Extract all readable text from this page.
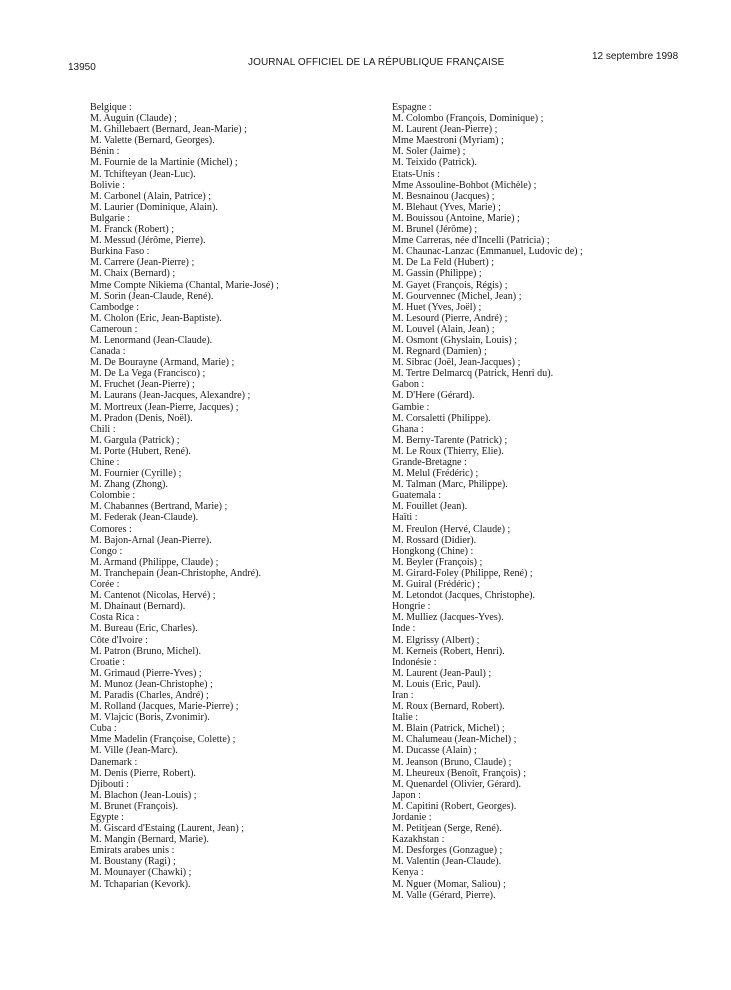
13950	JOURNAL OFFICIEL DE LA RÉPUBLIQUE FRANÇAISE
12 septembre 1998
Belgique :
M. Auguin (Claude) ;
M. Ghillebaert (Bernard, Jean-Marie) ;
M. Valette (Bernard, Georges).
Bénin :
M. Fournie de la Martinie (Michel) ;
M. Tchifteyan (Jean-Luc).
Bolivie :
M. Carbonel (Alain, Patrice) ;
M. Laurier (Dominique, Alain).
Bulgarie :
M. Franck (Robert) ;
M. Messud (Jérôme, Pierre).
Burkina Faso :
M. Carrere (Jean-Pierre) ;
M. Chaix (Bernard) ;
Mme Compte Nikiema (Chantal, Marie-José) ;
M. Sorin (Jean-Claude, René).
Cambodge :
M. Cholon (Eric, Jean-Baptiste).
Cameroun :
M. Lenormand (Jean-Claude).
Canada :
M. De Bourayne (Armand, Marie) ;
M. De La Vega (Francisco) ;
M. Fruchet (Jean-Pierre) ;
M. Laurans (Jean-Jacques, Alexandre) ;
M. Mortreux (Jean-Pierre, Jacques) ;
M. Pradon (Denis, Noël).
Chili :
M. Gargula (Patrick) ;
M. Porte (Hubert, René).
Chine :
M. Fournier (Cyrille) ;
M. Zhang (Zhong).
Colombie :
M. Chabannes (Bertrand, Marie) ;
M. Federak (Jean-Claude).
Comores :
M. Bajon-Arnal (Jean-Pierre).
Congo :
M. Armand (Philippe, Claude) ;
M. Tranchepain (Jean-Christophe, André).
Corée :
M. Cantenot (Nicolas, Hervé) ;
M. Dhainaut (Bernard).
Costa Rica :
M. Bureau (Eric, Charles).
Côte d'Ivoire :
M. Patron (Bruno, Michel).
Croatie :
M. Grimaud (Pierre-Yves) ;
M. Munoz (Jean-Christophe) ;
M. Paradis (Charles, André) ;
M. Rolland (Jacques, Marie-Pierre) ;
M. Vlajcic (Boris, Zvonimir).
Cuba :
Mme Madelin (Françoise, Colette) ;
M. Ville (Jean-Marc).
Danemark :
M. Denis (Pierre, Robert).
Djibouti :
M. Blachon (Jean-Louis) ;
M. Brunet (François).
Egypte :
M. Giscard d'Estaing (Laurent, Jean) ;
M. Mangin (Bernard, Marie).
Emirats arabes unis :
M. Boustany (Ragi) ;
M. Mounayer (Chawki) ;
M. Tchaparian (Kevork).
Espagne :
M. Colombo (François, Dominique) ;
M. Laurent (Jean-Pierre) ;
Mme Maestroni (Myriam) ;
M. Soler (Jaime) ;
M. Teixido (Patrick).
Etats-Unis :
Mme Assouline-Bohbot (Michèle) ;
M. Besnainou (Jacques) ;
M. Blehaut (Yves, Marie) ;
M. Bouissou (Antoine, Marie) ;
M. Brunel (Jérôme) ;
Mme Carreras, née d'Incelli (Patricia) ;
M. Chaunac-Lanzac (Emmanuel, Ludovic de) ;
M. De La Feld (Hubert) ;
M. Gassin (Philippe) ;
M. Gayet (François, Régis) ;
M. Gourvennec (Michel, Jean) ;
M. Huet (Yves, Joël) ;
M. Lesourd (Pierre, André) ;
M. Louvel (Alain, Jean) ;
M. Osmont (Ghyslain, Louis) ;
M. Regnard (Damien) ;
M. Sibrac (Joël, Jean-Jacques) ;
M. Tertre Delmarcq (Patrick, Henri du).
Gabon :
M. D'Here (Gérard).
Gambie :
M. Corsaletti (Philippe).
Ghana :
M. Berny-Tarente (Patrick) ;
M. Le Roux (Thierry, Elie).
Grande-Bretagne :
M. Melul (Frédéric) ;
M. Talman (Marc, Philippe).
Guatemala :
M. Fouillet (Jean).
Haïti :
M. Freulon (Hervé, Claude) ;
M. Rossard (Didier).
Hongkong (Chine) :
M. Beyler (François) ;
M. Girard-Foley (Philippe, René) ;
M. Guiral (Frédéric) ;
M. Letondot (Jacques, Christophe).
Hongrie :
M. Mulliez (Jacques-Yves).
Inde :
M. Elgrissy (Albert) ;
M. Kerneis (Robert, Henri).
Indonésie :
M. Laurent (Jean-Paul) ;
M. Louis (Eric, Paul).
Iran :
M. Roux (Bernard, Robert).
Italie :
M. Blain (Patrick, Michel) ;
M. Chalumeau (Jean-Michel) ;
M. Ducasse (Alain) ;
M. Jeanson (Bruno, Claude) ;
M. Lheureux (Benoît, François) ;
M. Quenardel (Olivier, Gérard).
Japon :
M. Capitini (Robert, Georges).
Jordanie :
M. Petitjean (Serge, René).
Kazakhstan :
M. Desforges (Gonzague) ;
M. Valentin (Jean-Claude).
Kenya :
M. Nguer (Momar, Saliou) ;
M. Valle (Gérard, Pierre).
